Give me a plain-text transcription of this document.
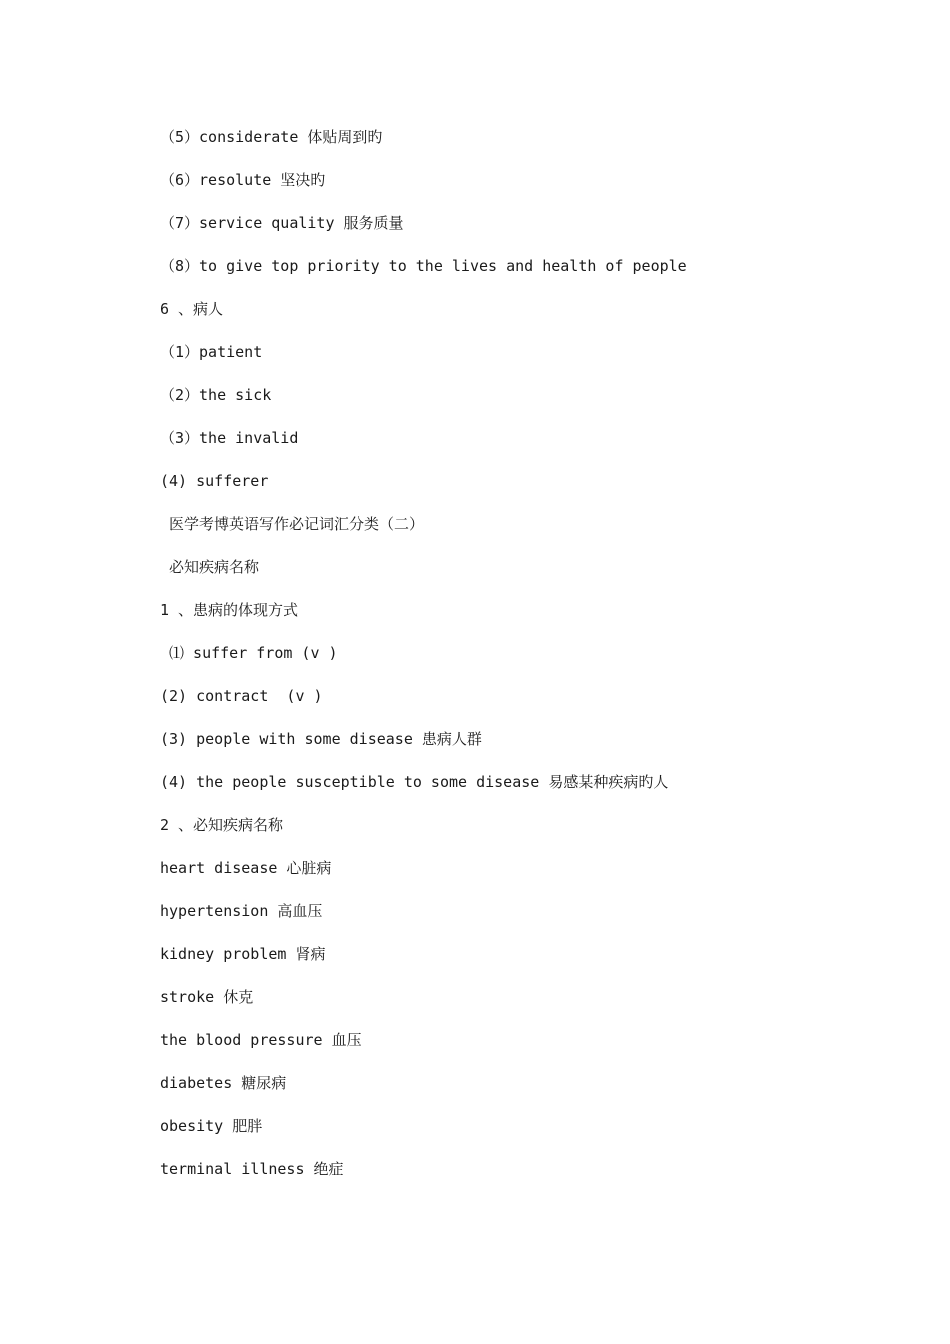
（5）considerate 体贴周到旳
（6）resolute 坚决旳
（7）service quality 服务质量
（8）to give top priority to the lives and health of people
6 、病人
（1）patient
（2）the sick
（3）the invalid
(4) sufferer
医学考博英语写作必记词汇分类（二）
必知疾病名称
1 、患病的体现方式
⑴ suffer from (v )
(2) contract  (v )
(3) people with some disease 患病人群
(4) the people susceptible to some disease 易感某种疾病旳人
2 、必知疾病名称
heart disease 心脏病
hypertension 高血压
kidney problem 肾病
stroke 休克
the blood pressure 血压
diabetes 糖尿病
obesity 肥胖
terminal illness 绝症
